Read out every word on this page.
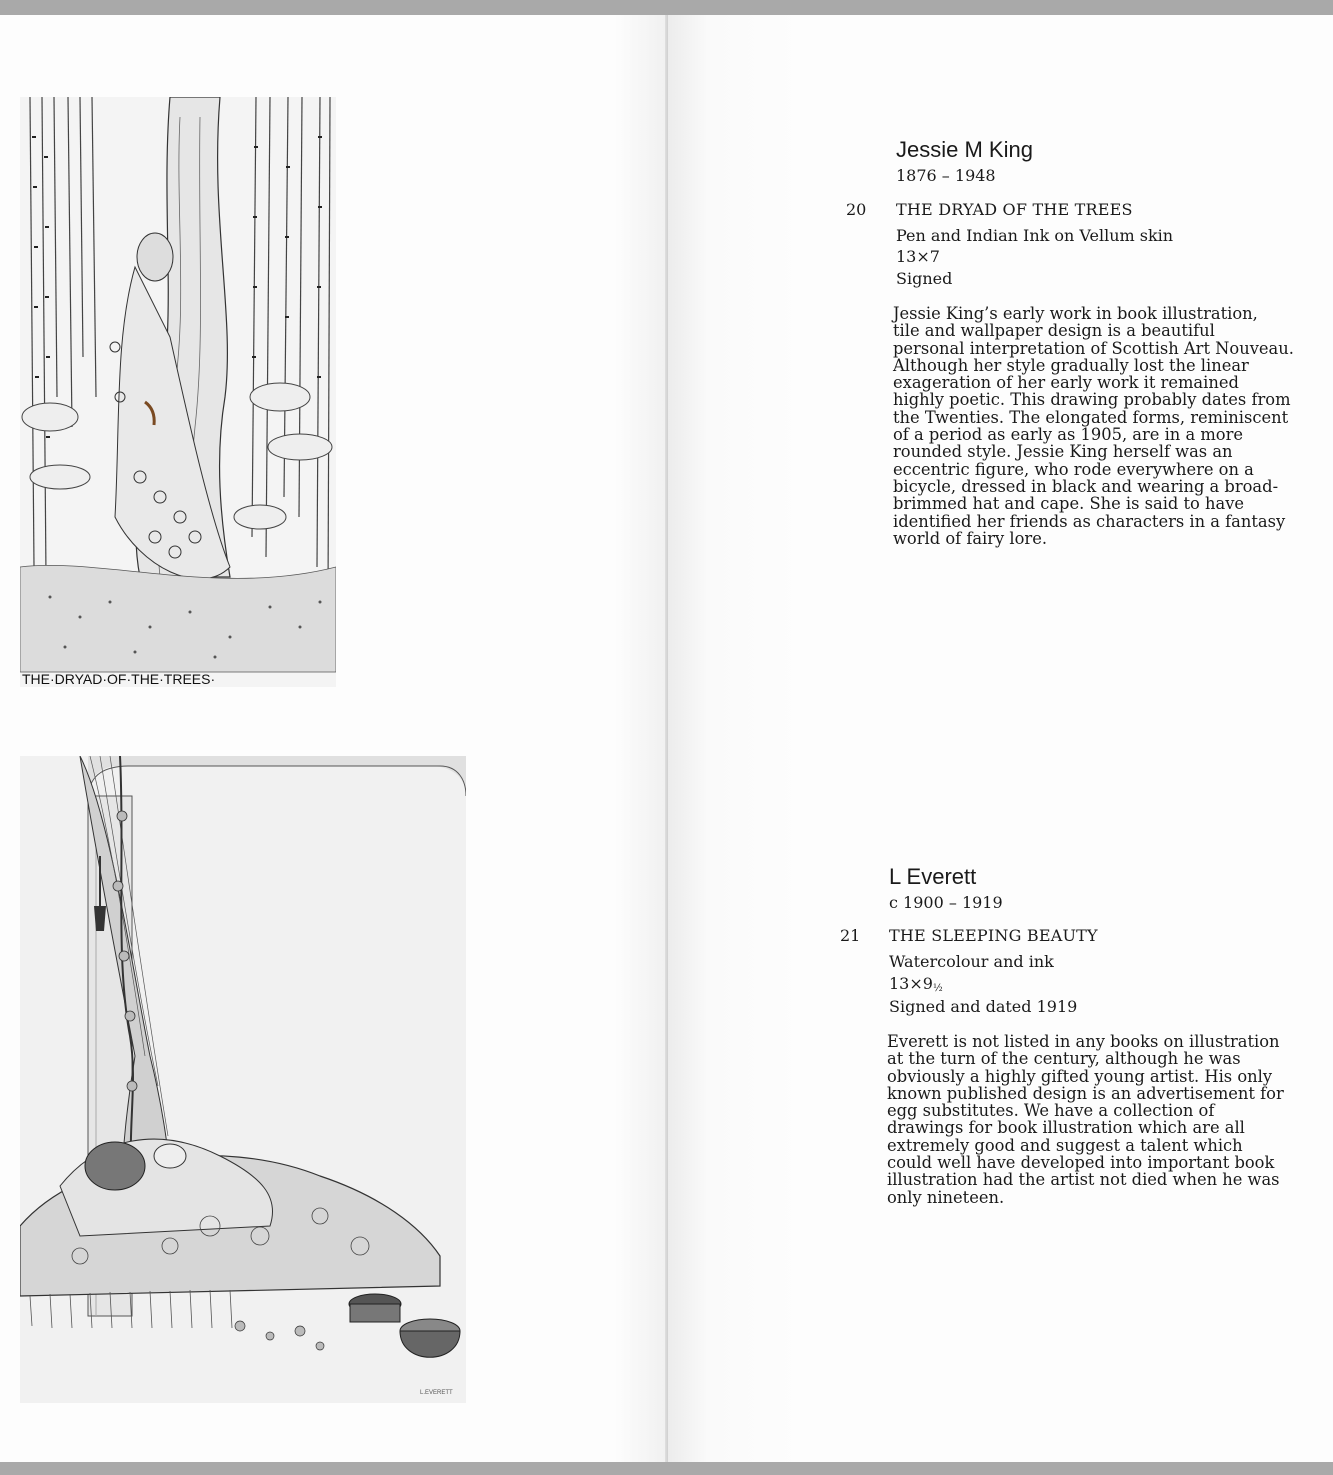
THE·DRYAD·OF·THE·TREES·
L.EVERETT
Jessie M King
1876 – 1948
20 THE DRYAD OF THE TREES
Pen and Indian Ink on Vellum skin
13×7
Signed
Jessie King’s early work in book illustration,
tile and wallpaper design is a beautiful
personal interpretation of Scottish Art Nouveau.
Although her style gradually lost the linear
exageration of her early work it remained
highly poetic. This drawing probably dates from
the Twenties. The elongated forms, reminiscent
of a period as early as 1905, are in a more
rounded style. Jessie King herself was an
eccentric figure, who rode everywhere on a
bicycle, dressed in black and wearing a broad-
brimmed hat and cape. She is said to have
identified her friends as characters in a fantasy
world of fairy lore.
L Everett
c 1900 – 1919
21 THE SLEEPING BEAUTY
Watercolour and ink
13×9½
Signed and dated 1919
Everett is not listed in any books on illustration
at the turn of the century, although he was
obviously a highly gifted young artist. His only
known published design is an advertisement for
egg substitutes. We have a collection of
drawings for book illustration which are all
extremely good and suggest a talent which
could well have developed into important book
illustration had the artist not died when he was
only nineteen.
